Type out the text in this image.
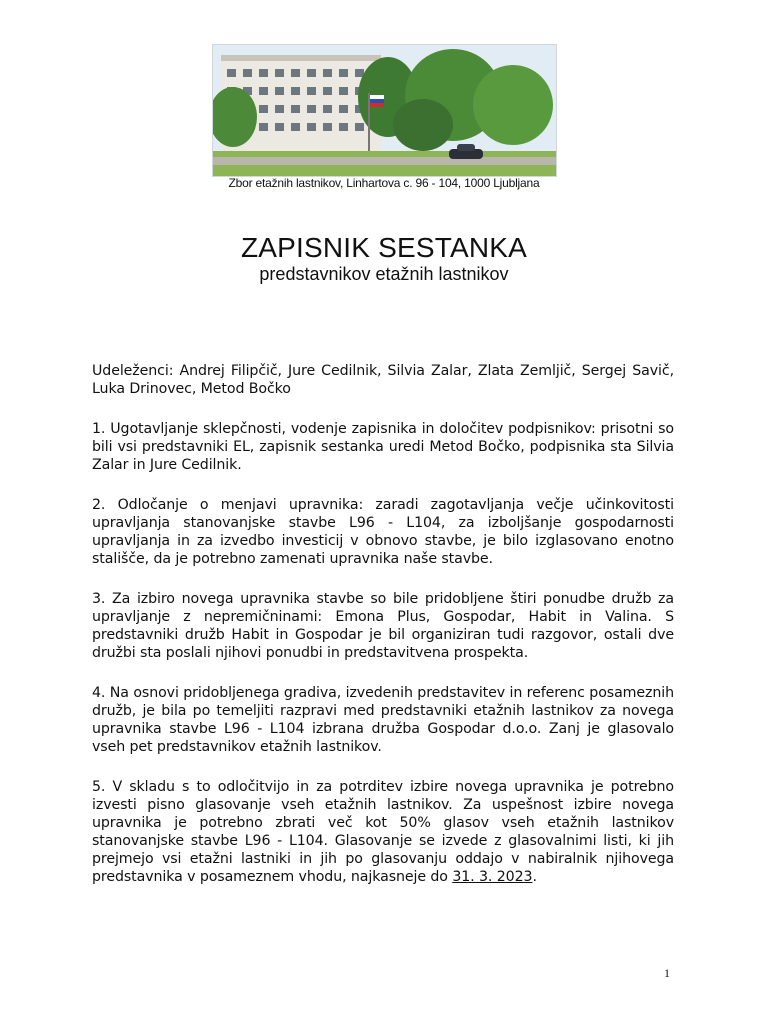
Zbor etažnih lastnikov, Linhartova c. 96 - 104, 1000 Ljubljana
ZAPISNIK SESTANKA
predstavnikov etažnih lastnikov

Udeleženci: Andrej Filipčič, Jure Cedilnik, Silvia Zalar, Zlata Zemljič, Sergej Savič, Luka Drinovec, Metod Bočko

1. Ugotavljanje sklepčnosti, vodenje zapisnika in določitev podpisnikov: prisotni so bili vsi predstavniki EL, zapisnik sestanka uredi Metod Bočko, podpisnika sta Silvia Zalar in Jure Cedilnik.

2. Odločanje o menjavi upravnika: zaradi zagotavljanja večje učinkovitosti upravljanja stanovanjske stavbe L96 - L104, za izboljšanje gospodarnosti upravljanja in za izvedbo investicij v obnovo stavbe, je bilo izglasovano enotno stališče, da je potrebno zamenati upravnika naše stavbe.

3. Za izbiro novega upravnika stavbe so bile pridobljene štiri ponudbe družb za upravljanje z nepremičninami: Emona Plus, Gospodar, Habit in Valina. S predstavniki družb Habit in Gospodar je bil organiziran tudi razgovor, ostali dve družbi sta poslali njihovi ponudbi in predstavitvena prospekta.

4. Na osnovi pridobljenega gradiva, izvedenih predstavitev in referenc posameznih družb, je bila po temeljiti razpravi med predstavniki etažnih lastnikov za novega upravnika stavbe L96 - L104 izbrana družba Gospodar d.o.o. Zanj je glasovalo vseh pet predstavnikov etažnih lastnikov.

5. V skladu s to odločitvijo in za potrditev izbire novega upravnika je potrebno izvesti pisno glasovanje vseh etažnih lastnikov. Za uspešnost izbire novega upravnika je potrebno zbrati več kot 50% glasov vseh etažnih lastnikov stanovanjske stavbe L96 - L104. Glasovanje se izvede z glasovalnimi listi, ki jih prejmejo vsi etažni lastniki in jih po glasovanju oddajo v nabiralnik njihovega predstavnika v posameznem vhodu, najkasneje do 31. 3. 2023.

1
